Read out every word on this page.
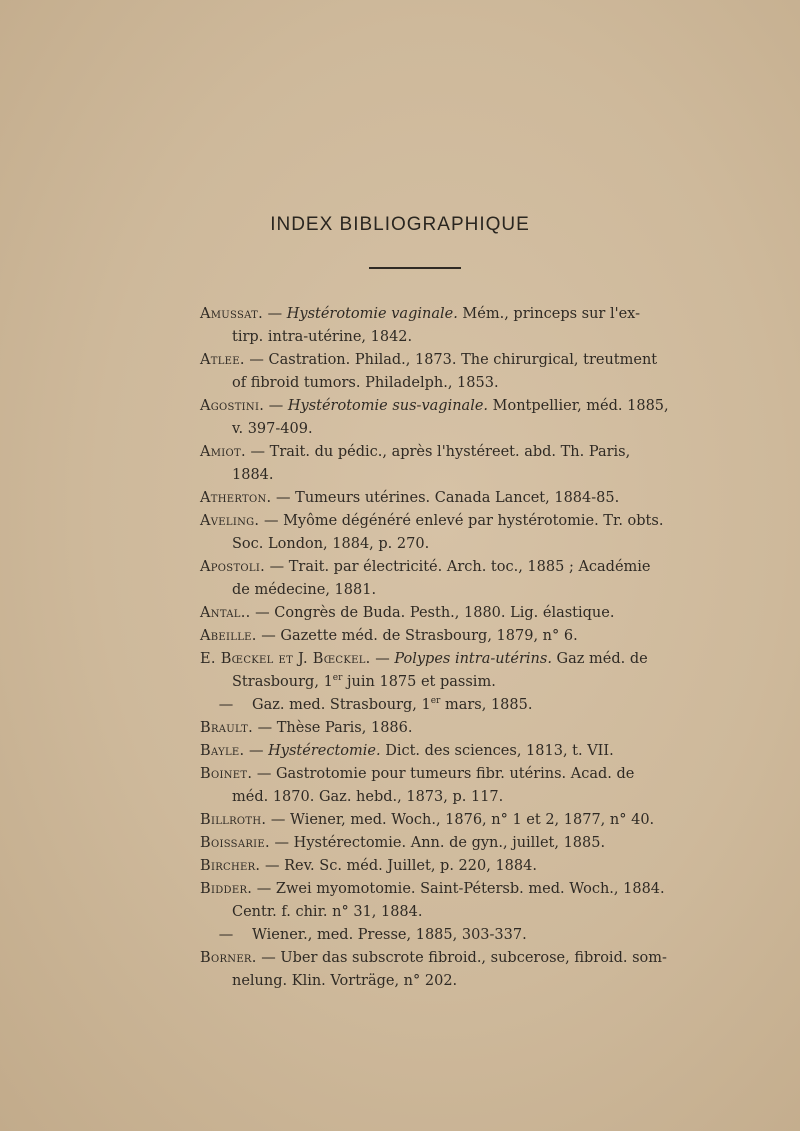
INDEX BIBLIOGRAPHIQUE

Amussat. — Hystérotomie vaginale. Mém., princeps sur l'ex-tirp. intra-utérine, 1842.

Atlee. — Castration. Philad., 1873. The chirurgical, treutment of fibroid tumors. Philadelph., 1853.

Agostini. — Hystérotomie sus-vaginale. Montpellier, méd. 1885, v. 397-409.

Amiot. — Trait. du pédic., après l'hystéreet. abd. Th. Paris, 1884.

Atherton. — Tumeurs utérines. Canada Lancet, 1884-85.

Aveling. — Myôme dégénéré enlevé par hystérotomie. Tr. obts. Soc. London, 1884, p. 270.

Apostoli. — Trait. par électricité. Arch. toc., 1885 ; Académie de médecine, 1881.

Antal.. — Congrès de Buda. Pesth., 1880. Lig. élastique.

Abeille. — Gazette méd. de Strasbourg, 1879, n° 6.

E. Bœckel et J. Bœckel. — Polypes intra-utérins. Gaz méd. de Strasbourg, 1er juin 1875 et passim.

— Gaz. med. Strasbourg, 1er mars, 1885.

Brault. — Thèse Paris, 1886.

Bayle. — Hystérectomie. Dict. des sciences, 1813, t. VII.

Boinet. — Gastrotomie pour tumeurs fibr. utérins. Acad. de méd. 1870. Gaz. hebd., 1873, p. 117.

Billroth. — Wiener, med. Woch., 1876, n° 1 et 2, 1877, n° 40.

Boissarie. — Hystérectomie. Ann. de gyn., juillet, 1885.

Bircher. — Rev. Sc. méd. Juillet, p. 220, 1884.

Bidder. — Zwei myomotomie. Saint-Pétersb. med. Woch., 1884. Centr. f. chir. n° 31, 1884.

— Wiener., med. Presse, 1885, 303-337.

Borner. — Uber das subscrote fibroid., subcerose, fibroid. som-nelung. Klin. Vorträge, n° 202.
